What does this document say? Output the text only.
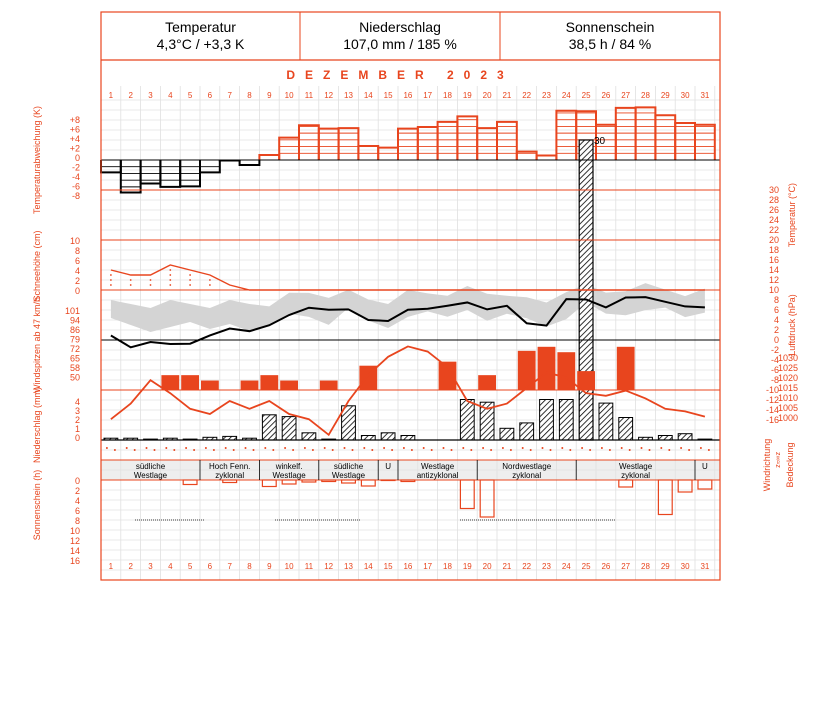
Temperatur
4,3°C / +3,3 K
Niederschlag
107,0 mm / 185 %
Sonnenschein
38,5 h / 84 %
30
südliche
Westlage
Hoch Fenn.
zyklonal
winkelf.
Westlage
südliche
Westlage
U	Westlage
antizyklonal
Nordwestlage
zyklonal
Westlage
zyklonal
U
1
1
2
2
3
3
4
4
5
5
6
6
7
7
8
8
9
9
10
10
11
11
12
12
13
13
14
14
15
15
16
16
17
17
18
18
19
19
20
20
21
21
22
22
23
23
24
24
25
25
26
26
27
27
28
28
29
29
30
30
31
31
DEZEMBER 2023
+8
+6
+4
+2
0
-2
-4
-6
-8
10
8
6
4
2
0
101
94
86
79
72
65
58
50
4
3
2
1
0
0
2
4
6
8
10
12
14
16
30
28
26
24
22
20
18
16
14
12
10
8
6
4
2
0
-2
-4
-6
-8
-10
-12
-14
-16
1030
1025
1020
1015
1010
1005
1000
z∞≈z
Temperaturabweichung (K)
Schneehöhe (cm)
Windspitzen ab 47 km/h
Niederschlag (mm)
Sonnenschein (h)
Temperatur (°C)
Luftdruck (hPa)
Windrichtung Bedeckung
